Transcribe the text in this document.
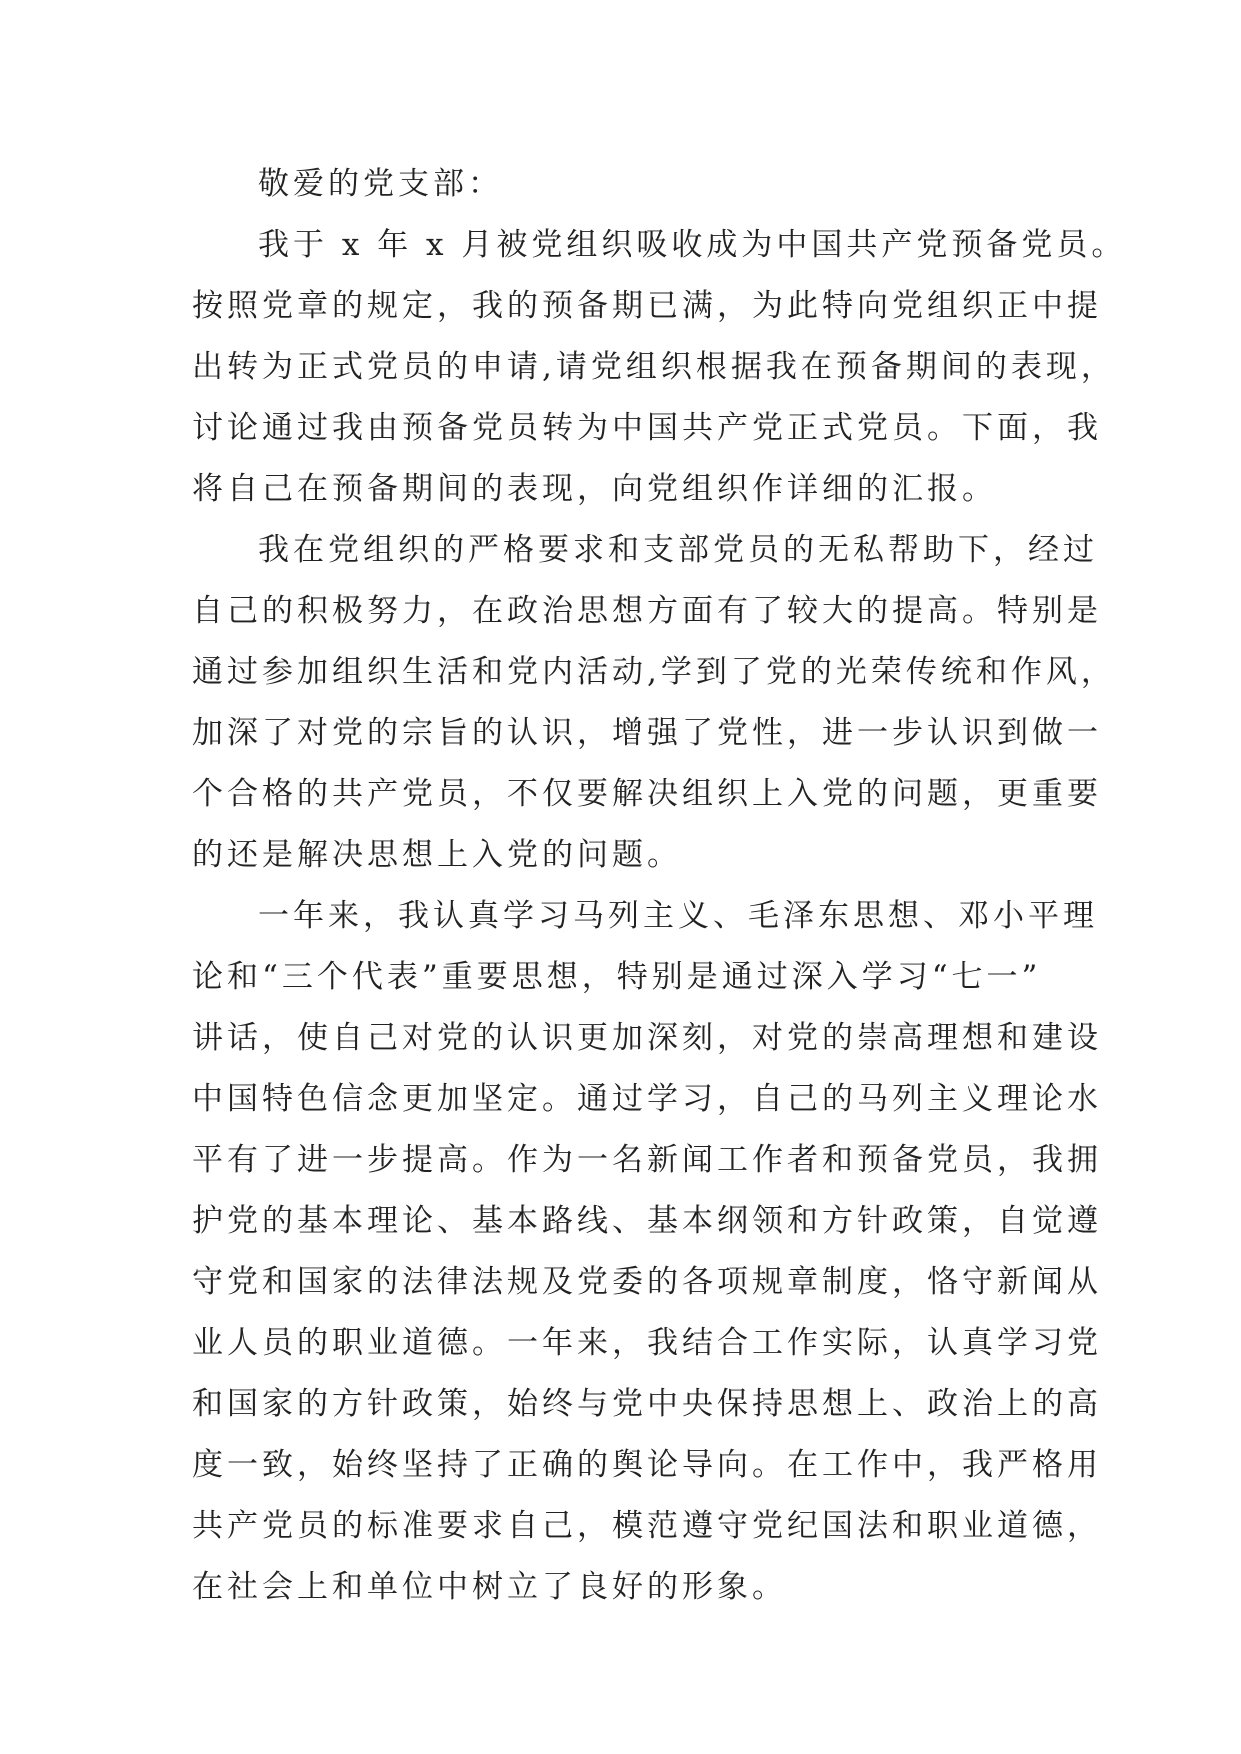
敬爱的党支部：
我于 x 年 x 月被党组织吸收成为中国共产党预备党员。
按照党章的规定，我的预备期已满，为此特向党组织正中提
出转为正式党员的申请,请党组织根据我在预备期间的表现，
讨论通过我由预备党员转为中国共产党正式党员。下面，我
将自己在预备期间的表现，向党组织作详细的汇报。
我在党组织的严格要求和支部党员的无私帮助下，经过
自己的积极努力，在政治思想方面有了较大的提高。特别是
通过参加组织生活和党内活动,学到了党的光荣传统和作风，
加深了对党的宗旨的认识，增强了党性，进一步认识到做一
个合格的共产党员，不仅要解决组织上入党的问题，更重要
的还是解决思想上入党的问题。
一年来，我认真学习马列主义、毛泽东思想、邓小平理
论和“三个代表”重要思想，特别是通过深入学习“七一”
讲话，使自己对党的认识更加深刻，对党的崇高理想和建设
中国特色信念更加坚定。通过学习，自己的马列主义理论水
平有了进一步提高。作为一名新闻工作者和预备党员，我拥
护党的基本理论、基本路线、基本纲领和方针政策，自觉遵
守党和国家的法律法规及党委的各项规章制度，恪守新闻从
业人员的职业道德。一年来，我结合工作实际，认真学习党
和国家的方针政策，始终与党中央保持思想上、政治上的高
度一致，始终坚持了正确的舆论导向。在工作中，我严格用
共产党员的标准要求自己，模范遵守党纪国法和职业道德，
在社会上和单位中树立了良好的形象。
